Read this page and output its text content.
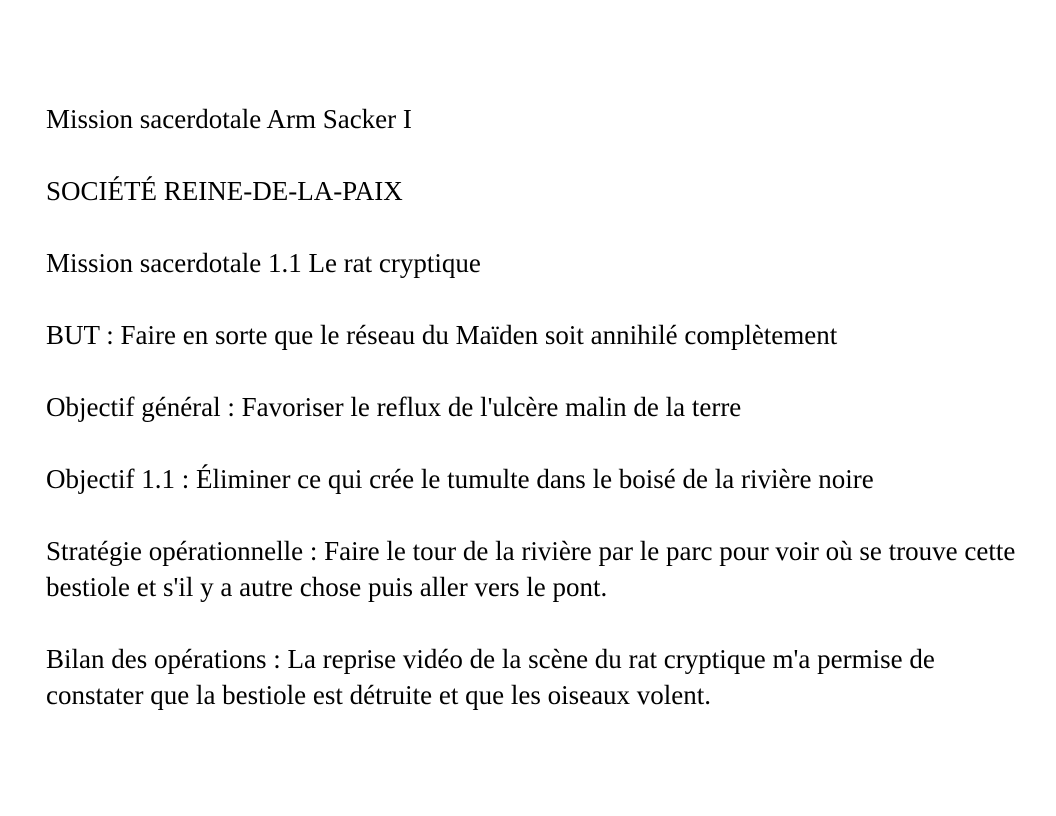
Mission sacerdotale Arm Sacker I

SOCIÉTÉ REINE-DE-LA-PAIX

Mission sacerdotale 1.1 Le rat cryptique

BUT : Faire en sorte que le réseau du Maïden soit annihilé complètement

Objectif général : Favoriser le reflux de l'ulcère malin de la terre

Objectif 1.1 : Éliminer ce qui crée le tumulte dans le boisé de la rivière noire

Stratégie opérationnelle : Faire le tour de la rivière par le parc pour voir où se trouve cette bestiole et s'il y a autre chose puis aller vers le pont.

Bilan des opérations : La reprise vidéo de la scène du rat cryptique m'a permise de constater que la bestiole est détruite et que les oiseaux volent.
